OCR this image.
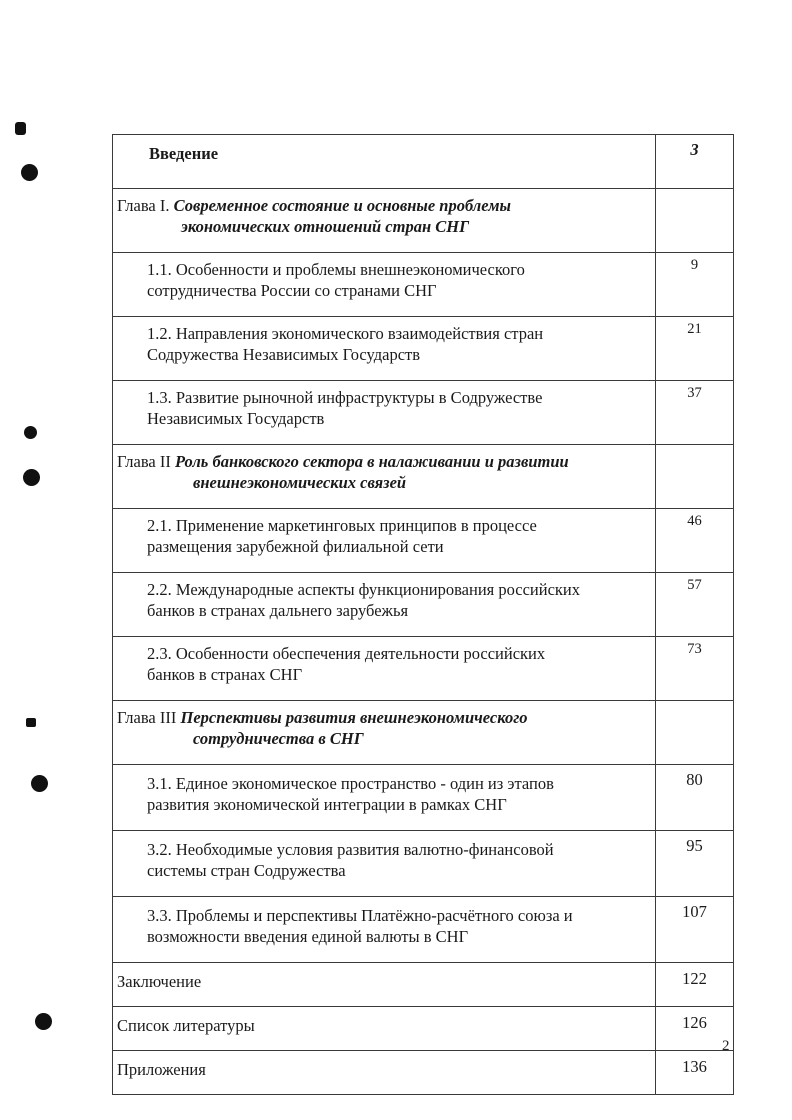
Введение	3
Глава I. Современное состояние и основные проблемы
экономических отношений стран СНГ	

1.1. Особенности и проблемы внешнеэкономического
сотрудничества России со странами СНГ	9
1.2. Направления экономического взаимодействия стран
Содружества Независимых Государств	21
1.3. Развитие рыночной инфраструктуры в Содружестве
Независимых Государств	37
Глава II Роль банковского сектора в налаживании и развитии
внешнеэкономических связей	

2.1. Применение маркетинговых принципов в процессе
размещения зарубежной филиальной сети	46
2.2. Международные аспекты функционирования российских
банков в странах дальнего зарубежья	57
2.3. Особенности обеспечения деятельности российских
банков в странах СНГ	73
Глава III Перспективы развития внешнеэкономического
сотрудничества в СНГ	

3.1. Единое экономическое пространство - один из этапов
развития экономической интеграции в рамках СНГ	80
3.2. Необходимые условия развития валютно-финансовой
системы стран Содружества	95
3.3. Проблемы и перспективы Платёжно-расчётного союза и
возможности введения единой валюты в СНГ	107
Заключение	122
Список литературы	126
Приложения	136
2
